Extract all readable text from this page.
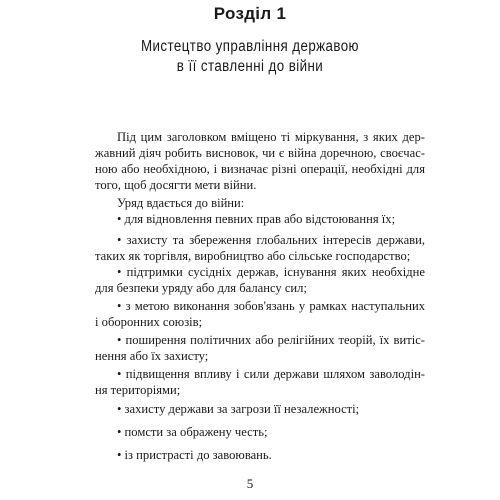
Розділ 1
Мистецтво управління державою
в її ставленні до війни
Під цим заголовком вміщено ті міркування, з яких дер-
жавний діяч робить висновок, чи є війна доречною, своєчас-
ною або необхідною, і визначає різні операції, необхідні для
того, щоб досягти мети війни.
Уряд вдається до війни:
• для відновлення певних прав або відстоювання їх;
• захисту та збереження глобальних інтересів держави,
таких як торгівля, виробництво або сільське господарство;
• підтримки сусідніх держав, існування яких необхідне
для безпеки уряду або для балансу сил;
• з метою виконання зобов'язань у рамках наступальних
і оборонних союзів;
• поширення політичних або релігійних теорій, їх витіс-
нення або їх захисту;
• підвищення впливу і сили держави шляхом заволодін-
ня територіями;
• захисту держави за загрози її незалежності;
• помсти за ображену честь;
• із пристрасті до завоювань.
5
